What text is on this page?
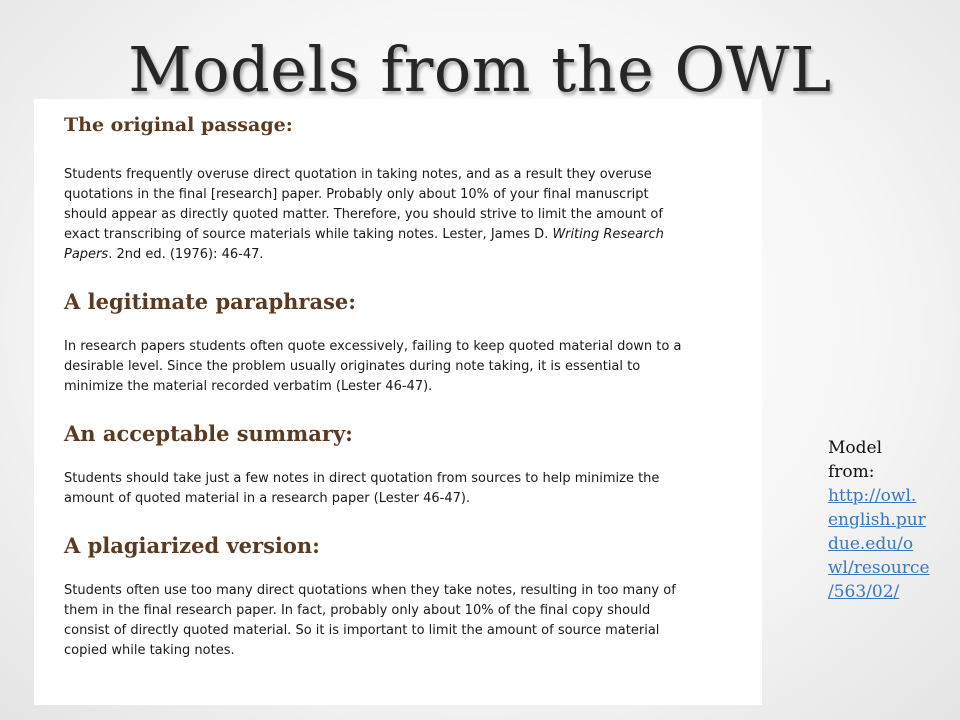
Models from the OWL

The original passage:

Students frequently overuse direct quotation in taking notes, and as a result they overuse
quotations in the final [research] paper. Probably only about 10% of your final manuscript
should appear as directly quoted matter. Therefore, you should strive to limit the amount of
exact transcribing of source materials while taking notes. Lester, James D. Writing Research
Papers. 2nd ed. (1976): 46-47.

A legitimate paraphrase:

In research papers students often quote excessively, failing to keep quoted material down to a
desirable level. Since the problem usually originates during note taking, it is essential to
minimize the material recorded verbatim (Lester 46-47).

An acceptable summary:

Students should take just a few notes in direct quotation from sources to help minimize the
amount of quoted material in a research paper (Lester 46-47).

A plagiarized version:

Students often use too many direct quotations when they take notes, resulting in too many of
them in the final research paper. In fact, probably only about 10% of the final copy should
consist of directly quoted material. So it is important to limit the amount of source material
copied while taking notes.

Model
from:
http://owl.
english.pur
due.edu/o
wl/resource
/563/02/
